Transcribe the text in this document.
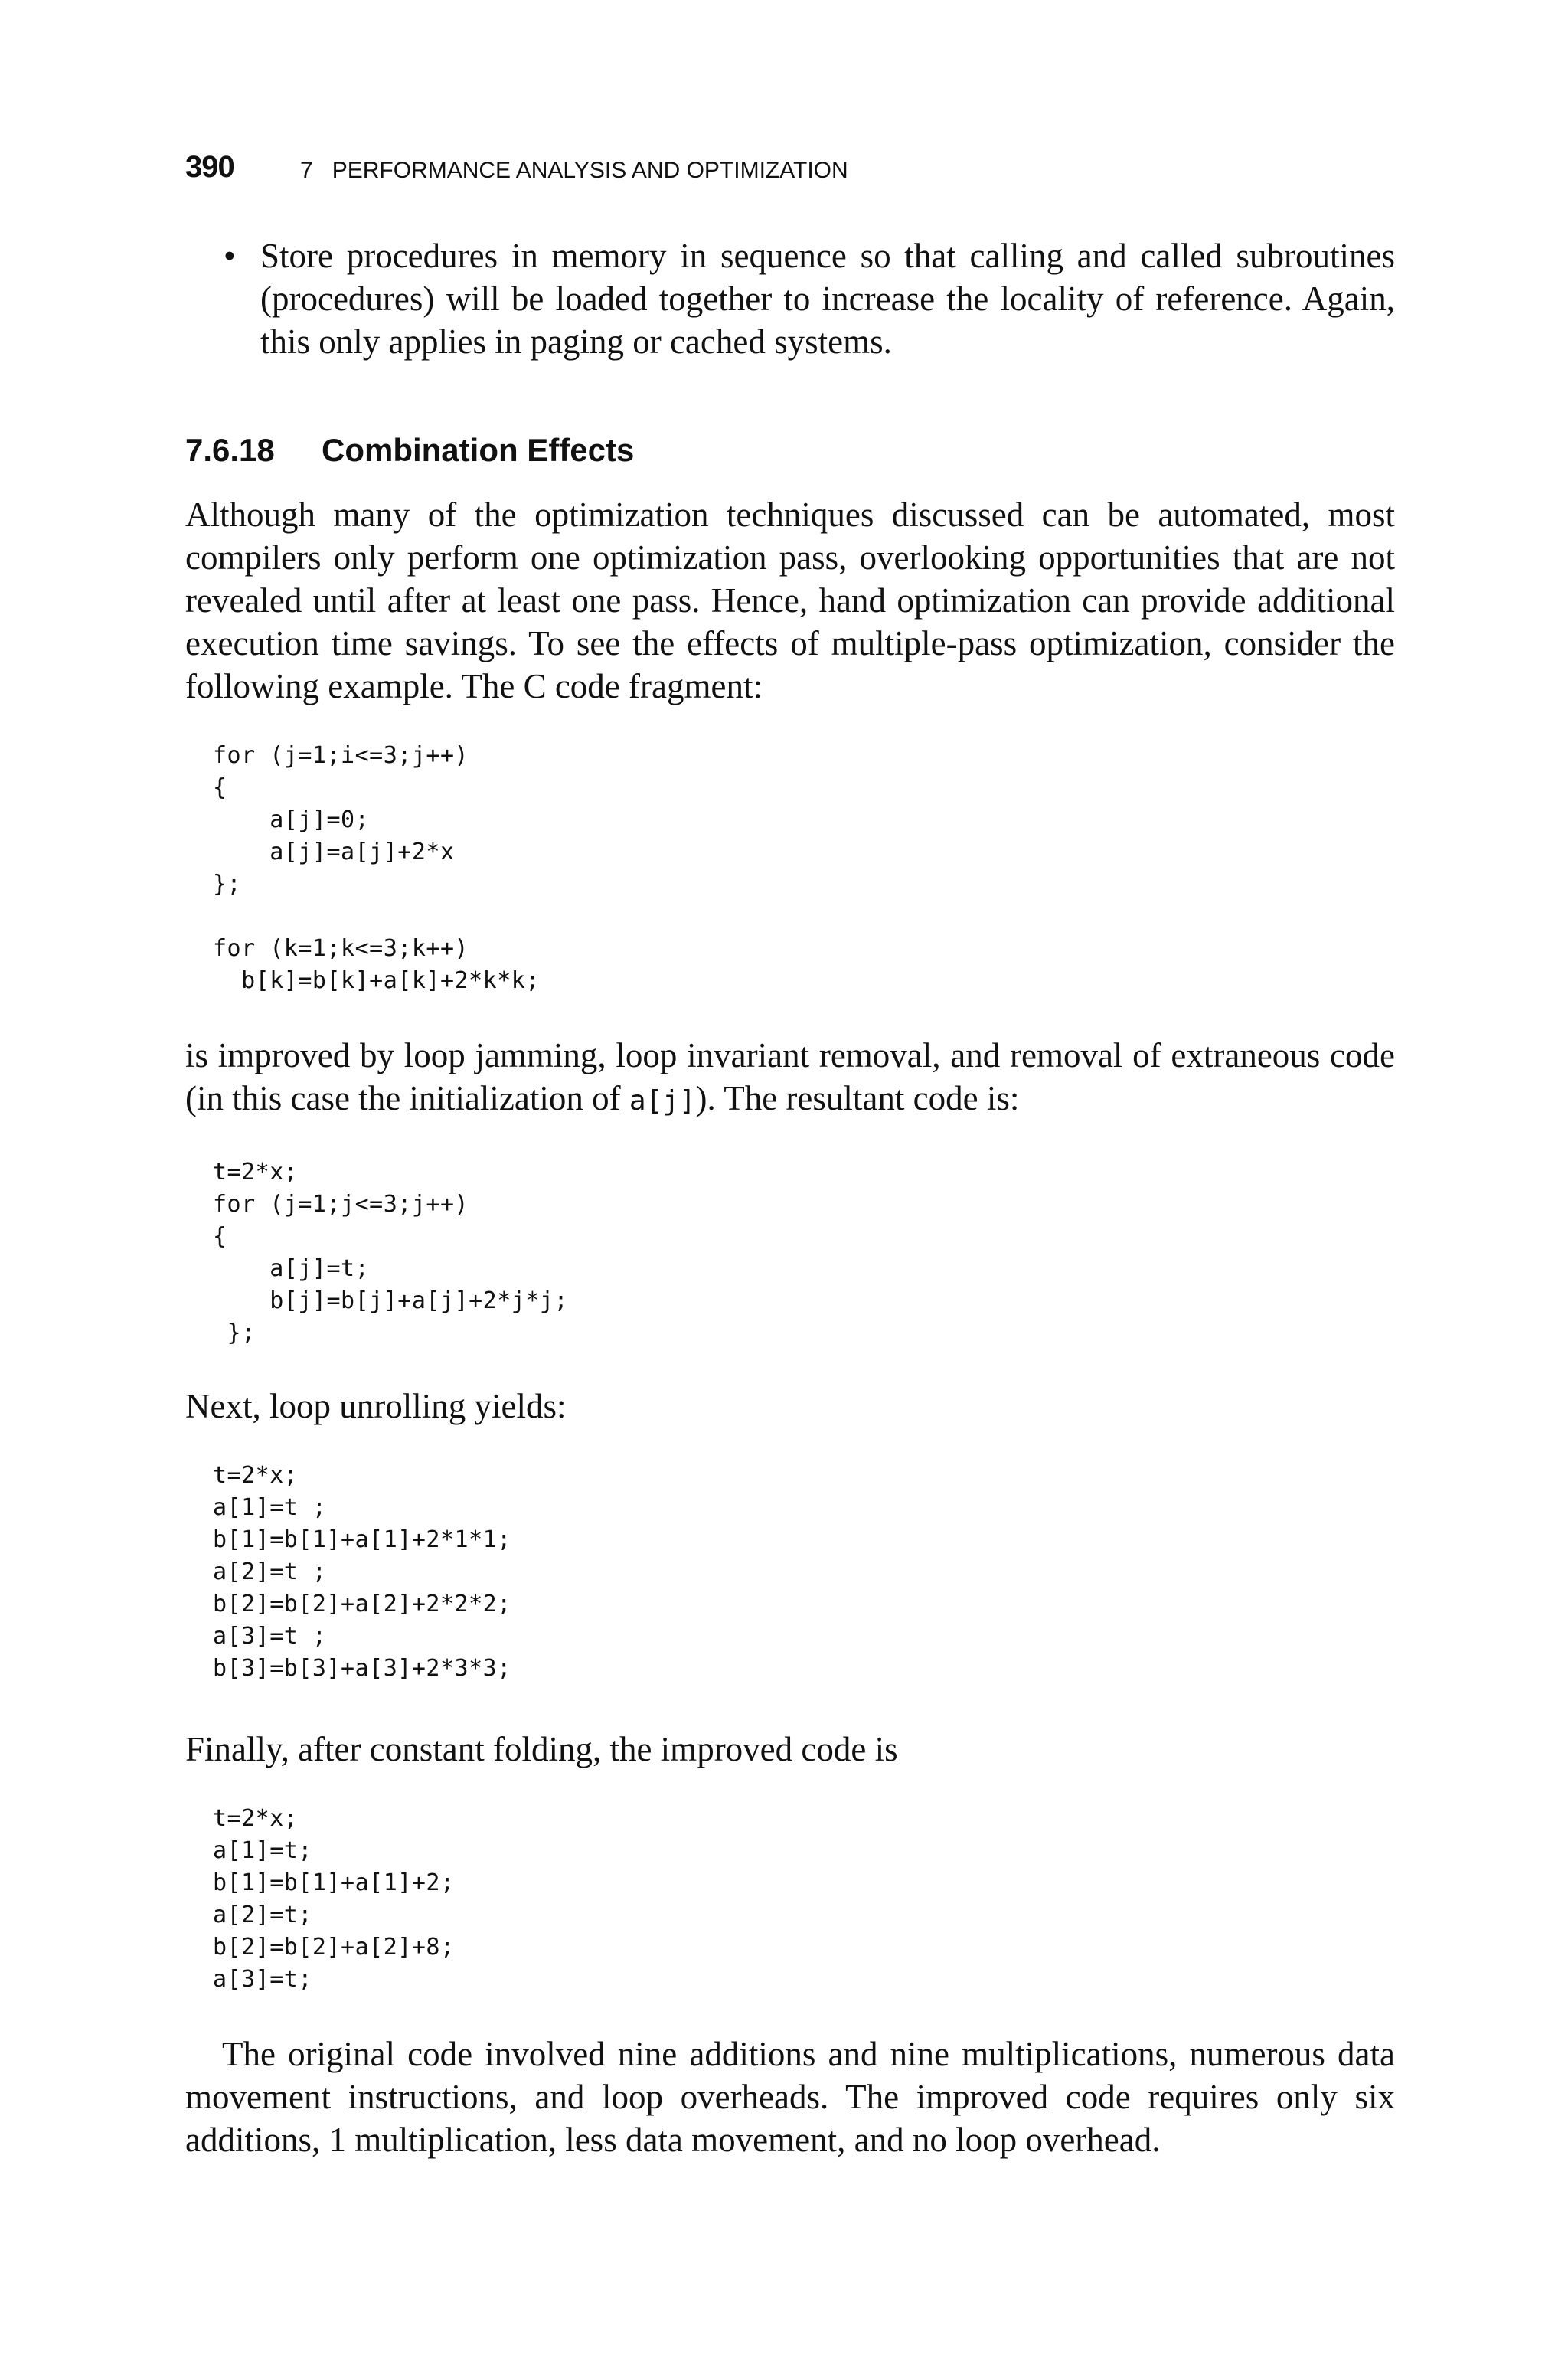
390	7   PERFORMANCE ANALYSIS AND OPTIMIZATION
• Store procedures in memory in sequence so that calling and called subroutines (procedures) will be loaded together to increase the locality of reference. Again, this only applies in paging or cached systems.

7.6.18 Combination Effects

Although many of the optimization techniques discussed can be automated, most compilers only perform one optimization pass, overlooking opportunities that are not revealed until after at least one pass. Hence, hand optimization can provide additional execution time savings. To see the effects of multiple-pass optimization, consider the following example. The C code fragment:

for (j=1;i<=3;j++)
{
a[j]=0;
a[j]=a[j]+2*x
};
for (k=1;k<=3;k++)
b[k]=b[k]+a[k]+2*k*k;

is improved by loop jamming, loop invariant removal, and removal of extraneous code (in this case the initialization of a[j]). The resultant code is:

t=2*x;
for (j=1;j<=3;j++)
{
a[j]=t;
b[j]=b[j]+a[j]+2*j*j;
};

Next, loop unrolling yields:

t=2*x;
a[1]=t ;
b[1]=b[1]+a[1]+2*1*1;
a[2]=t ;
b[2]=b[2]+a[2]+2*2*2;
a[3]=t ;
b[3]=b[3]+a[3]+2*3*3;

Finally, after constant folding, the improved code is

t=2*x;
a[1]=t;
b[1]=b[1]+a[1]+2;
a[2]=t;
b[2]=b[2]+a[2]+8;
a[3]=t;

The original code involved nine additions and nine multiplications, numerous data movement instructions, and loop overheads. The improved code requires only six additions, 1 multiplication, less data movement, and no loop overhead.
